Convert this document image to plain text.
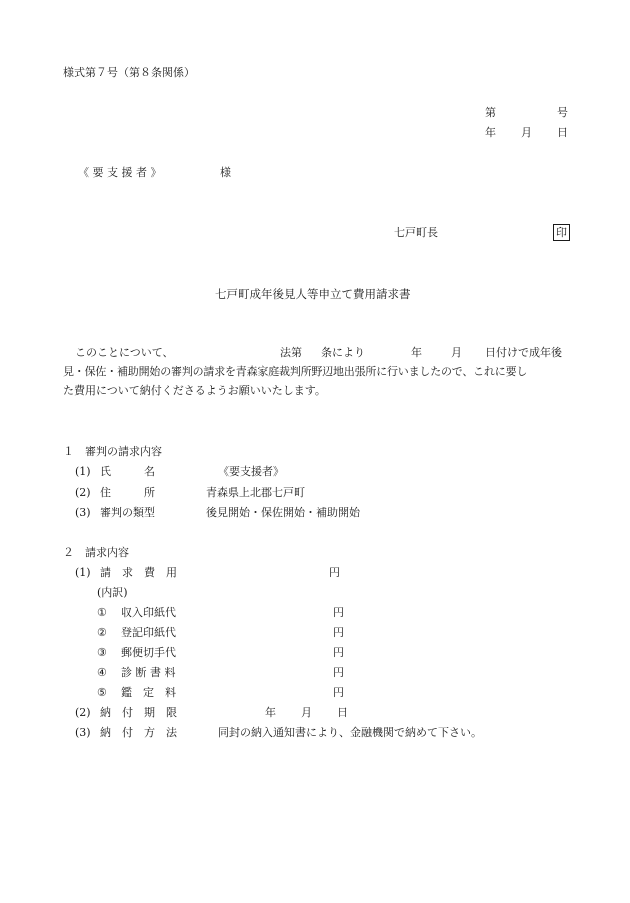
様式第７号（第８条関係）
第	号
年 月 日
《 要 支 援 者 》	様
七戸町長	印
七戸町成年後見人等申立て費用請求書
このことについて、	法第 条により	年	月 日付けで成年後
見・保佐・補助開始の審判の請求を青森家庭裁判所野辺地出張所に行いましたので、これに要し
た費用について納付くださるようお願いいたします。
１　審判の請求内容
(1) 氏　　　名	《要支援者》
(2) 住　　　所	青森県上北郡七戸町
(3) 審判の類型	後見開始・保佐開始・補助開始
２　請求内容
(1) 請　求　費　用	円
(内訳)
① 収入印紙代	円
② 登記印紙代	円
③ 郵便切手代	円
④ 診 断 書 料	円
⑤ 鑑　定　料	円
(2) 納　付　期　限	年 月 日
(3) 納　付　方　法	同封の納入通知書により、金融機関で納めて下さい。
